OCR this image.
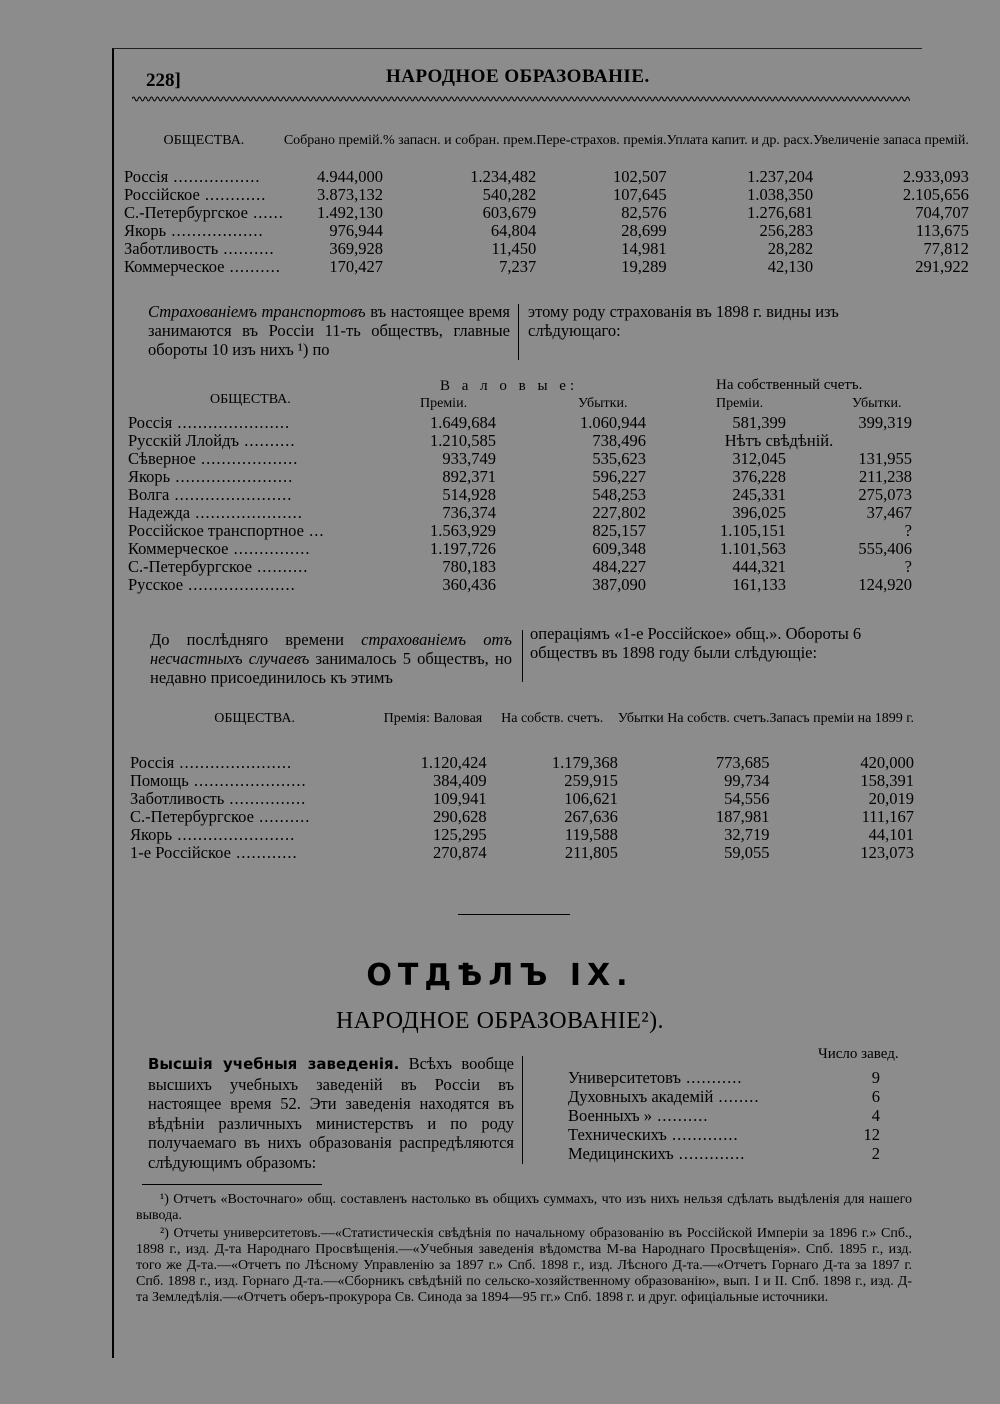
228]	НАРОДНОЕ ОБРАЗОВАНІЕ.
ОБЩЕСТВА.	Собрано премій.	% запасн. и собран. прем.	Пере-страхов. премія.	Уплата капит. и др. расх.	Увеличеніе запаса премій.
Россія .................	4.944,000	1.234,482	102,507	1.237,204	2.933,093
Россійское ............	3.873,132	540,282	107,645	1.038,350	2.105,656
С.-Петербургское ......	1.492,130	603,679	82,576	1.276,681	704,707
Якорь ..................	976,944	64,804	28,699	256,283	113,675
Заботливость ..........	369,928	11,450	14,981	28,282	77,812
Коммерческое ..........	170,427	7,237	19,289	42,130	291,922
Страхованіемъ транспортовъ въ настоящее время занимаются въ Россіи 11-ть обществъ, главные обороты 10 изъ нихъ ¹) по
этому роду страхованія въ 1898 г. видны изъ слѣдующаго:
ОБЩЕСТВА.
В а л о в ы е:	На собственный счетъ.
Преміи.	Убытки.	Преміи.	Убытки.
Россія ......................	1.649,684	1.060,944	581,399	399,319
Русскій Ллойдъ ..........	1.210,585	738,496	Нѣтъ свѣдѣній.	
Сѣверное ...................	933,749	535,623	312,045	131,955
Якорь .......................	892,371	596,227	376,228	211,238
Волга .......................	514,928	548,253	245,331	275,073
Надежда .....................	736,374	227,802	396,025	37,467
Россійское транспортное ...	1.563,929	825,157	1.105,151	?
Коммерческое ...............	1.197,726	609,348	1.101,563	555,406
С.-Петербургское ..........	780,183	484,227	444,321	?
Русское .....................	360,436	387,090	161,133	124,920
До послѣдняго времени страхованіемъ отъ несчастныхъ случаевъ занималось 5 обществъ, но недавно присоединилось къ этимъ
операціямъ «1-е Россійское» общ.». Обороты 6 обществъ въ 1898 году были слѣдующіе:
ОБЩЕСТВА.	Премія: Валовая	На собств. счетъ.	Убытки На собств. счетъ.	Запасъ преміи на 1899 г.
Россія ......................	1.120,424	1.179,368	773,685	420,000
Помощь ......................	384,409	259,915	99,734	158,391
Заботливость ...............	109,941	106,621	54,556	20,019
С.-Петербургское ..........	290,628	267,636	187,981	111,167
Якорь .......................	125,295	119,588	32,719	44,101
1-е Россійское ............	270,874	211,805	59,055	123,073
ОТДѢЛЪ IX.
НАРОДНОЕ ОБРАЗОВАНІЕ²).
Высшія учебныя заведенія. Всѣхъ вообще высшихъ учебныхъ заведеній въ Россіи въ настоящее время 52. Эти заведенія находятся въ вѣдѣніи различныхъ министерствъ и по роду получаемаго въ нихъ образованія распредѣляются слѣдующимъ образомъ:
Число завед.
Университетовъ ...........	9
Духовныхъ академій ........	6
Военныхъ » ..........	4
Техническихъ .............	12
Медицинскихъ .............	2
¹) Отчетъ «Восточнаго» общ. составленъ настолько въ общихъ суммахъ, что изъ нихъ нельзя сдѣлать выдѣленія для нашего вывода.
²) Отчеты университетовъ.—«Статистическія свѣдѣнія по начальному образованію въ Россійской Имперіи за 1896 г.» Спб., 1898 г., изд. Д-та Народнаго Просвѣщенія.—«Учебныя заведенія вѣдомства М-ва Народнаго Просвѣщенія». Спб. 1895 г., изд. того же Д-та.—«Отчетъ по Лѣсному Управленію за 1897 г.» Спб. 1898 г., изд. Лѣсного Д-та.—«Отчетъ Горнаго Д-та за 1897 г. Спб. 1898 г., изд. Горнаго Д-та.—«Сборникъ свѣдѣній по сельско-хозяйственному образованію», вып. I и II. Спб. 1898 г., изд. Д-та Земледѣлія.—«Отчетъ оберъ-прокурора Св. Синода за 1894—95 гг.» Спб. 1898 г. и друг. офиціальные источники.
